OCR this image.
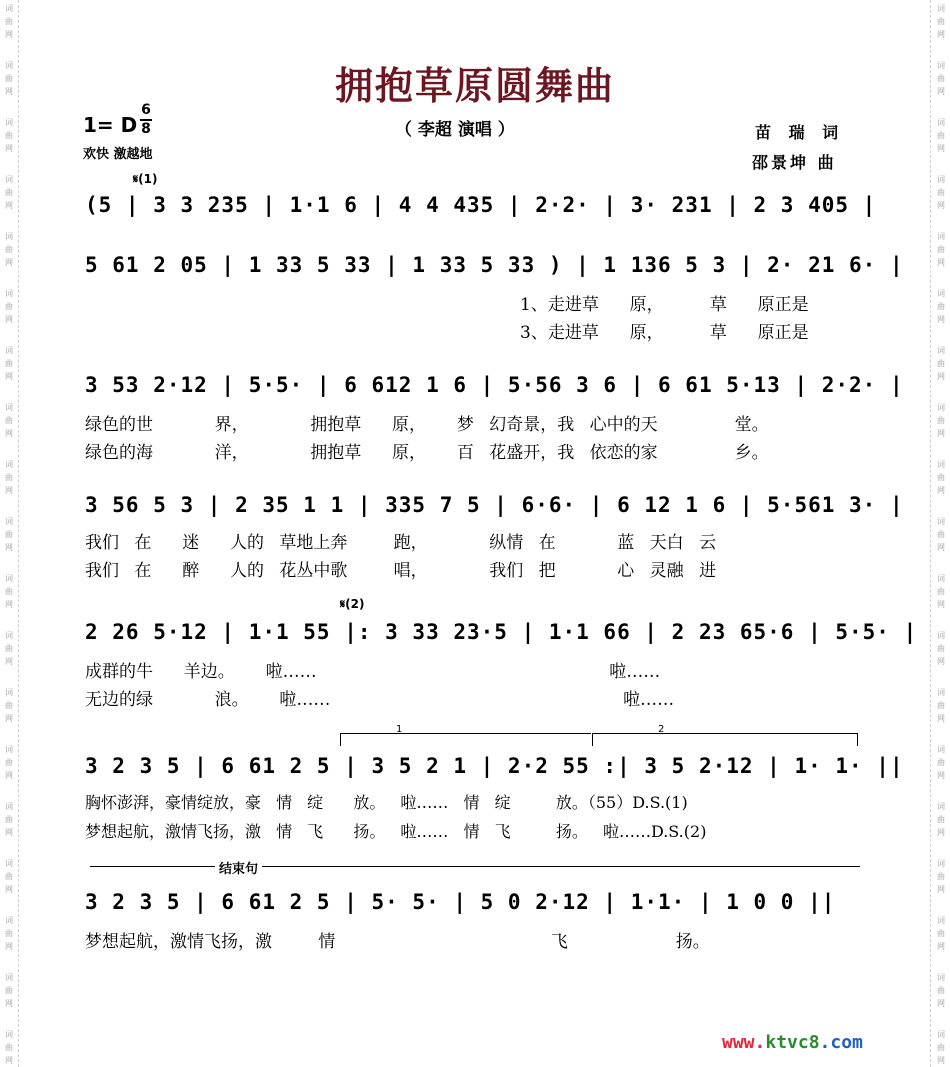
词
曲
网
词
曲
网
词
曲
网
词
曲
网
词
曲
网
词
曲
网
词
曲
网
词
曲
网
词
曲
网
词
曲
网
词
曲
网
词
曲
网
词
曲
网
词
曲
网
词
曲
网
词
曲
网
词
曲
网
词
曲
网
词
曲
网
词
曲
网
词
曲
网
词
曲
网
词
曲
网
词
曲
网
词
曲
网
词
曲
网
词
曲
网
词
曲
网
词
曲
网
词
曲
网
词
曲
网
词
曲
网
词
曲
网
词
曲
网
词
曲
网
词
曲
网
词
曲
网
词
曲
网
拥抱草原圆舞曲
（ 李超 演唱 ）
1= D
6
8
欢快 激越地
苗 瑞 词
邵景坤 曲
𝄋(1)
(5 | 3 3 235 | 1·1 6 | 4 4 435 | 2·2· | 3· 231 | 2 3 405 |
5 61 2 05 | 1 33 5 33 | 1 33 5 33 ) | 1 136 5 3 | 2· 21 6· |
1、走进草  原，   草  原正是
3、走进草  原，   草  原正是
3 53 2·12 | 5·5· | 6 612 1 6 | 5·56 3 6 | 6 61 5·13 | 2·2· |
绿色的世    界，    拥抱草  原，  梦 幻奇景，我 心中的天     堂。
绿色的海    洋，    拥抱草  原，  百 花盛开，我 依恋的家     乡。
3 56 5 3 | 2 35 1 1 | 335 7 5 | 6·6· | 6 12 1 6 | 5·561 3· |
我们 在  迷  人的 草地上奔   跑，    纵情 在    蓝 天白 云
我们 在  醉  人的 花丛中歌   唱，    我们 把    心 灵融 进
𝄋(2)
2 26 5·12 | 1·1 55 |: 3 33 23·5 | 1·1 66 | 2 23 65·6 | 5·5· |
成群的牛  羊边。  啦……                   啦……
无边的绿    浪。  啦……                   啦……
1	2
3 2 3 5 | 6 61 2 5 | 3 5 2 1 | 2·2 55 :| 3 5 2·12 | 1· 1· ||
胸怀澎湃，豪情绽放，豪 情 绽  放。 啦…… 情 绽   放。（55）D.S.(1)
梦想起航，激情飞扬，激 情 飞  扬。 啦…… 情 飞   扬。 啦……D.S.(2)
结束句
3 2 3 5 | 6 61 2 5 | 5· 5· | 5 0 2·12 | 1·1· | 1 0 0 ||
梦想起航，激情飞扬，激   情              飞       扬。
www.ktvc8.com
